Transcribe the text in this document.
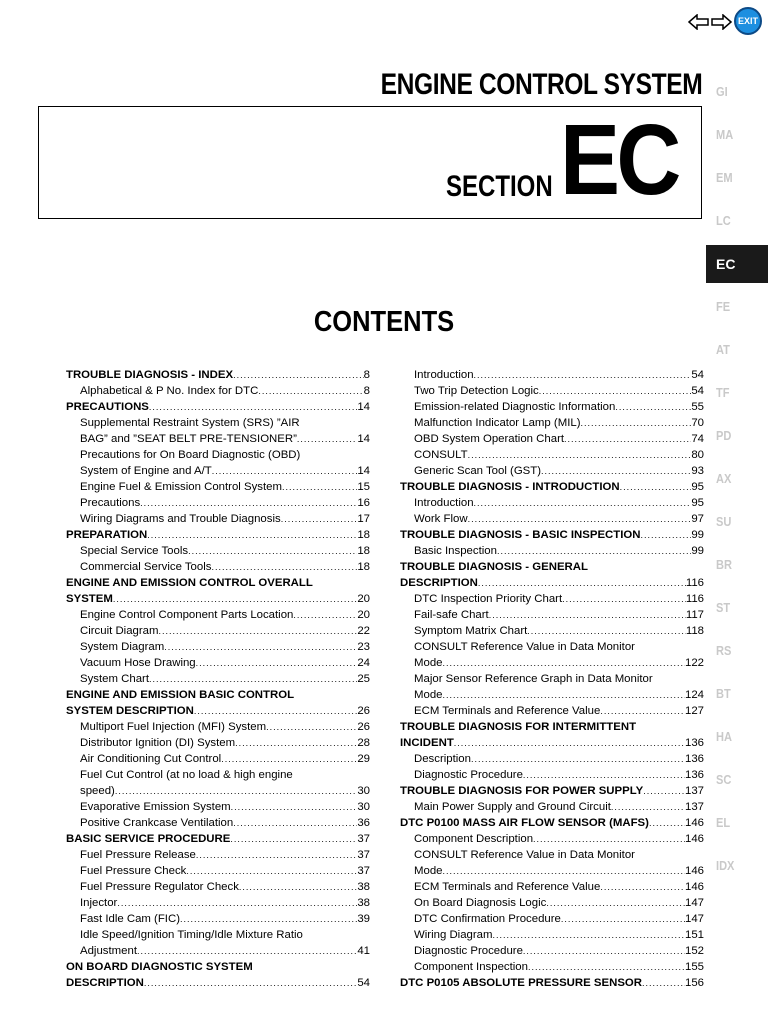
EXIT
ENGINE CONTROL SYSTEM
SECTION EC
GI
MA
EM
LC
EC
FE
AT
TF
PD
AX
SU
BR
ST
RS
BT
HA
SC
EL
IDX
CONTENTS
TROUBLE DIAGNOSIS - INDEX .....	8
Alphabetical & P No. Index for DTC .....	8
PRECAUTIONS .....	14
Supplemental Restraint System (SRS) ”AIR
BAG” and ”SEAT BELT PRE-TENSIONER” .....	14
Precautions for On Board Diagnostic (OBD)
System of Engine and A/T .....	14
Engine Fuel & Emission Control System .....	15
Precautions .....	16
Wiring Diagrams and Trouble Diagnosis .....	17
PREPARATION .....	18
Special Service Tools .....	18
Commercial Service Tools .....	18
ENGINE AND EMISSION CONTROL OVERALL
SYSTEM .....	20
Engine Control Component Parts Location .....	20
Circuit Diagram .....	22
System Diagram .....	23
Vacuum Hose Drawing .....	24
System Chart .....	25
ENGINE AND EMISSION BASIC CONTROL
SYSTEM DESCRIPTION .....	26
Multiport Fuel Injection (MFI) System .....	26
Distributor Ignition (DI) System .....	28
Air Conditioning Cut Control .....	29
Fuel Cut Control (at no load & high engine
speed) .....	30
Evaporative Emission System .....	30
Positive Crankcase Ventilation .....	36
BASIC SERVICE PROCEDURE .....	37
Fuel Pressure Release .....	37
Fuel Pressure Check .....	37
Fuel Pressure Regulator Check .....	38
Injector .....	38
Fast Idle Cam (FIC) .....	39
Idle Speed/Ignition Timing/Idle Mixture Ratio
Adjustment .....	41
ON BOARD DIAGNOSTIC SYSTEM
DESCRIPTION .....	54
Introduction .....	54
Two Trip Detection Logic .....	54
Emission-related Diagnostic Information .....	55
Malfunction Indicator Lamp (MIL) .....	70
OBD System Operation Chart .....	74
CONSULT .....	80
Generic Scan Tool (GST) .....	93
TROUBLE DIAGNOSIS - INTRODUCTION .....	95
Introduction .....	95
Work Flow .....	97
TROUBLE DIAGNOSIS - BASIC INSPECTION .....	99
Basic Inspection .....	99
TROUBLE DIAGNOSIS - GENERAL
DESCRIPTION .....	116
DTC Inspection Priority Chart .....	116
Fail-safe Chart .....	117
Symptom Matrix Chart .....	118
CONSULT Reference Value in Data Monitor
Mode .....	122
Major Sensor Reference Graph in Data Monitor
Mode .....	124
ECM Terminals and Reference Value .....	127
TROUBLE DIAGNOSIS FOR INTERMITTENT
INCIDENT .....	136
Description .....	136
Diagnostic Procedure .....	136
TROUBLE DIAGNOSIS FOR POWER SUPPLY .....	137
Main Power Supply and Ground Circuit .....	137
DTC P0100 MASS AIR FLOW SENSOR (MAFS) .....	146
Component Description .....	146
CONSULT Reference Value in Data Monitor
Mode .....	146
ECM Terminals and Reference Value .....	146
On Board Diagnosis Logic .....	147
DTC Confirmation Procedure .....	147
Wiring Diagram .....	151
Diagnostic Procedure .....	152
Component Inspection .....	155
DTC P0105 ABSOLUTE PRESSURE SENSOR .....	156
